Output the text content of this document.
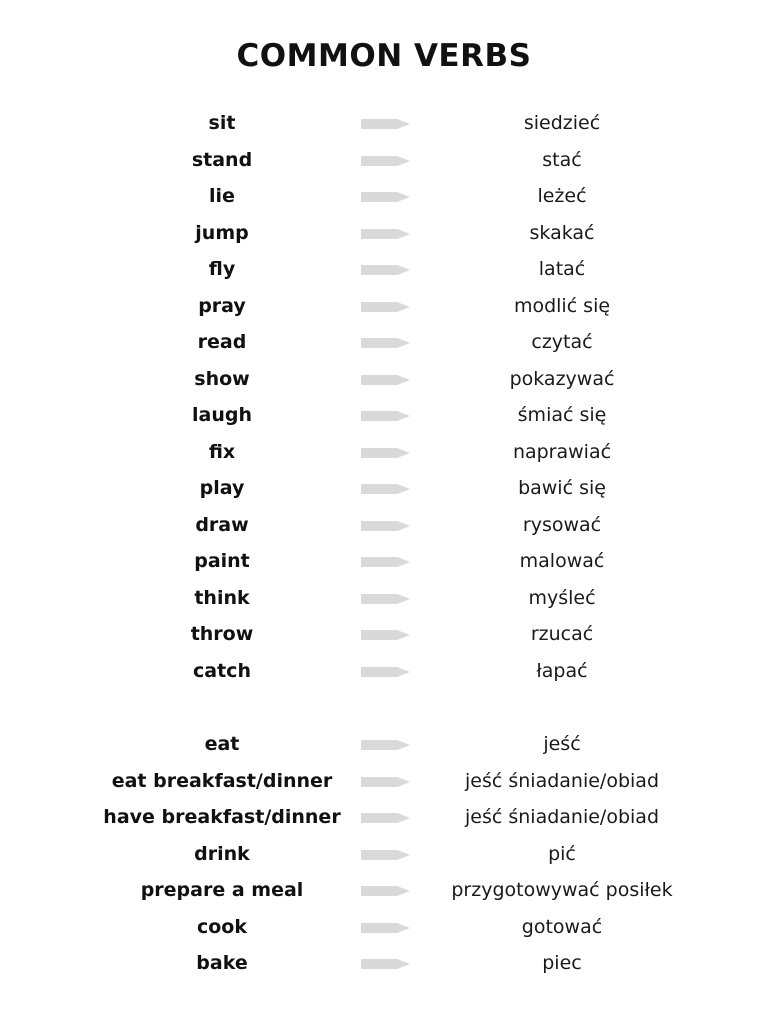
COMMON VERBS
sit	siedzieć
stand	stać
lie	leżeć
jump	skakać
fly	latać
pray	modlić się
read	czytać
show	pokazywać
laugh	śmiać się
fix	naprawiać
play	bawić się
draw	rysować
paint	malować
think	myśleć
throw	rzucać
catch	łapać
eat	jeść
eat breakfast/dinner	jeść śniadanie/obiad
have breakfast/dinner	jeść śniadanie/obiad
drink	pić
prepare a meal	przygotowywać posiłek
cook	gotować
bake	piec
